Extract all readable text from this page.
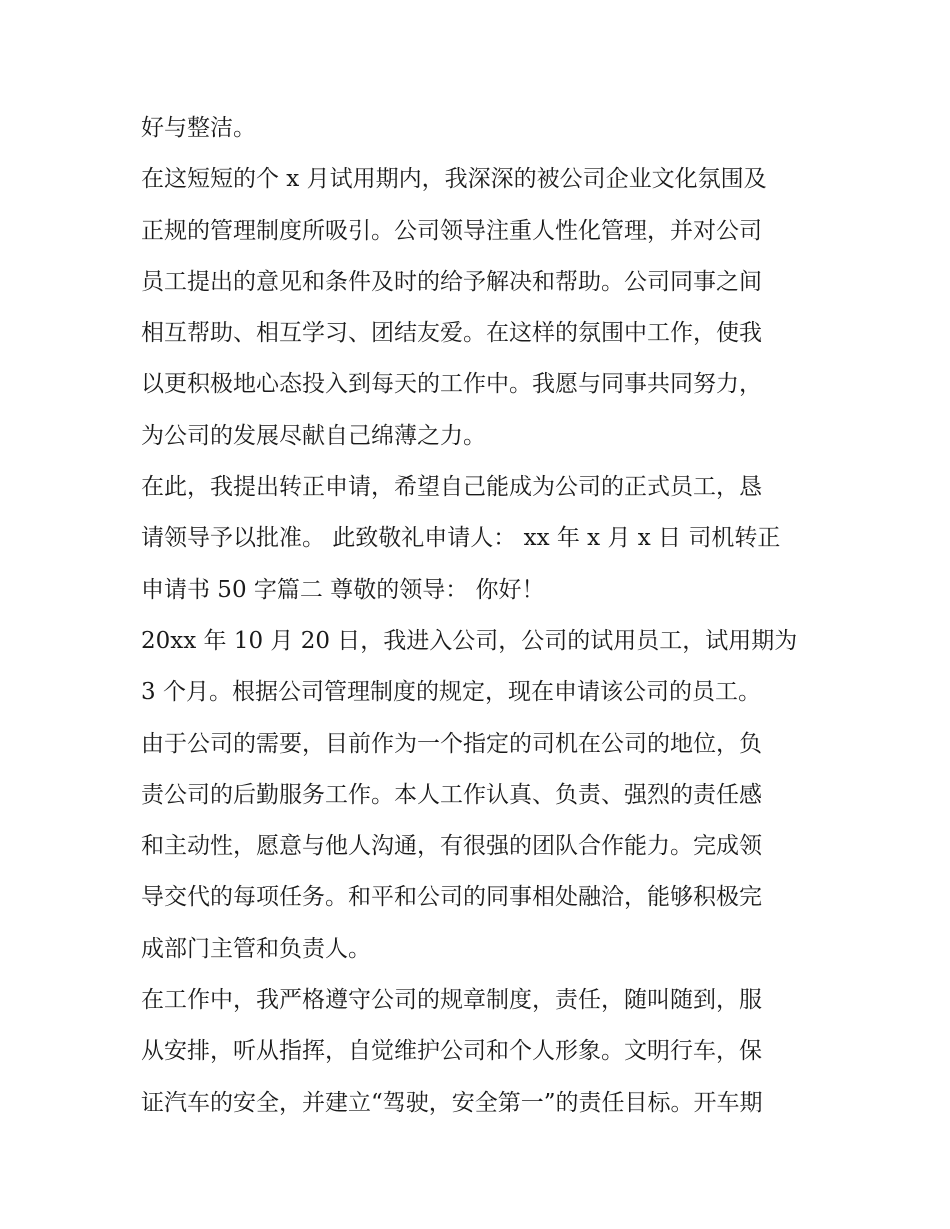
好与整洁。
在这短短的个 x 月试用期内，我深深的被公司企业文化氛围及
正规的管理制度所吸引。公司领导注重人性化管理，并对公司
员工提出的意见和条件及时的给予解决和帮助。公司同事之间
相互帮助、相互学习、团结友爱。在这样的氛围中工作，使我
以更积极地心态投入到每天的工作中。我愿与同事共同努力，
为公司的发展尽献自己绵薄之力。
在此，我提出转正申请，希望自己能成为公司的正式员工，恳
请领导予以批准。 此致敬礼申请人： xx 年 x 月 x 日 司机转正
申请书 50 字篇二 尊敬的领导： 你好！
20xx 年 10 月 20 日，我进入公司，公司的试用员工，试用期为
3 个月。根据公司管理制度的规定，现在申请该公司的员工。
由于公司的需要，目前作为一个指定的司机在公司的地位，负
责公司的后勤服务工作。本人工作认真、负责、强烈的责任感
和主动性，愿意与他人沟通，有很强的团队合作能力。完成领
导交代的每项任务。和平和公司的同事相处融洽，能够积极完
成部门主管和负责人。
在工作中，我严格遵守公司的规章制度，责任，随叫随到，服
从安排，听从指挥，自觉维护公司和个人形象。文明行车，保
证汽车的安全，并建立“驾驶，安全第一”的责任目标。开车期
